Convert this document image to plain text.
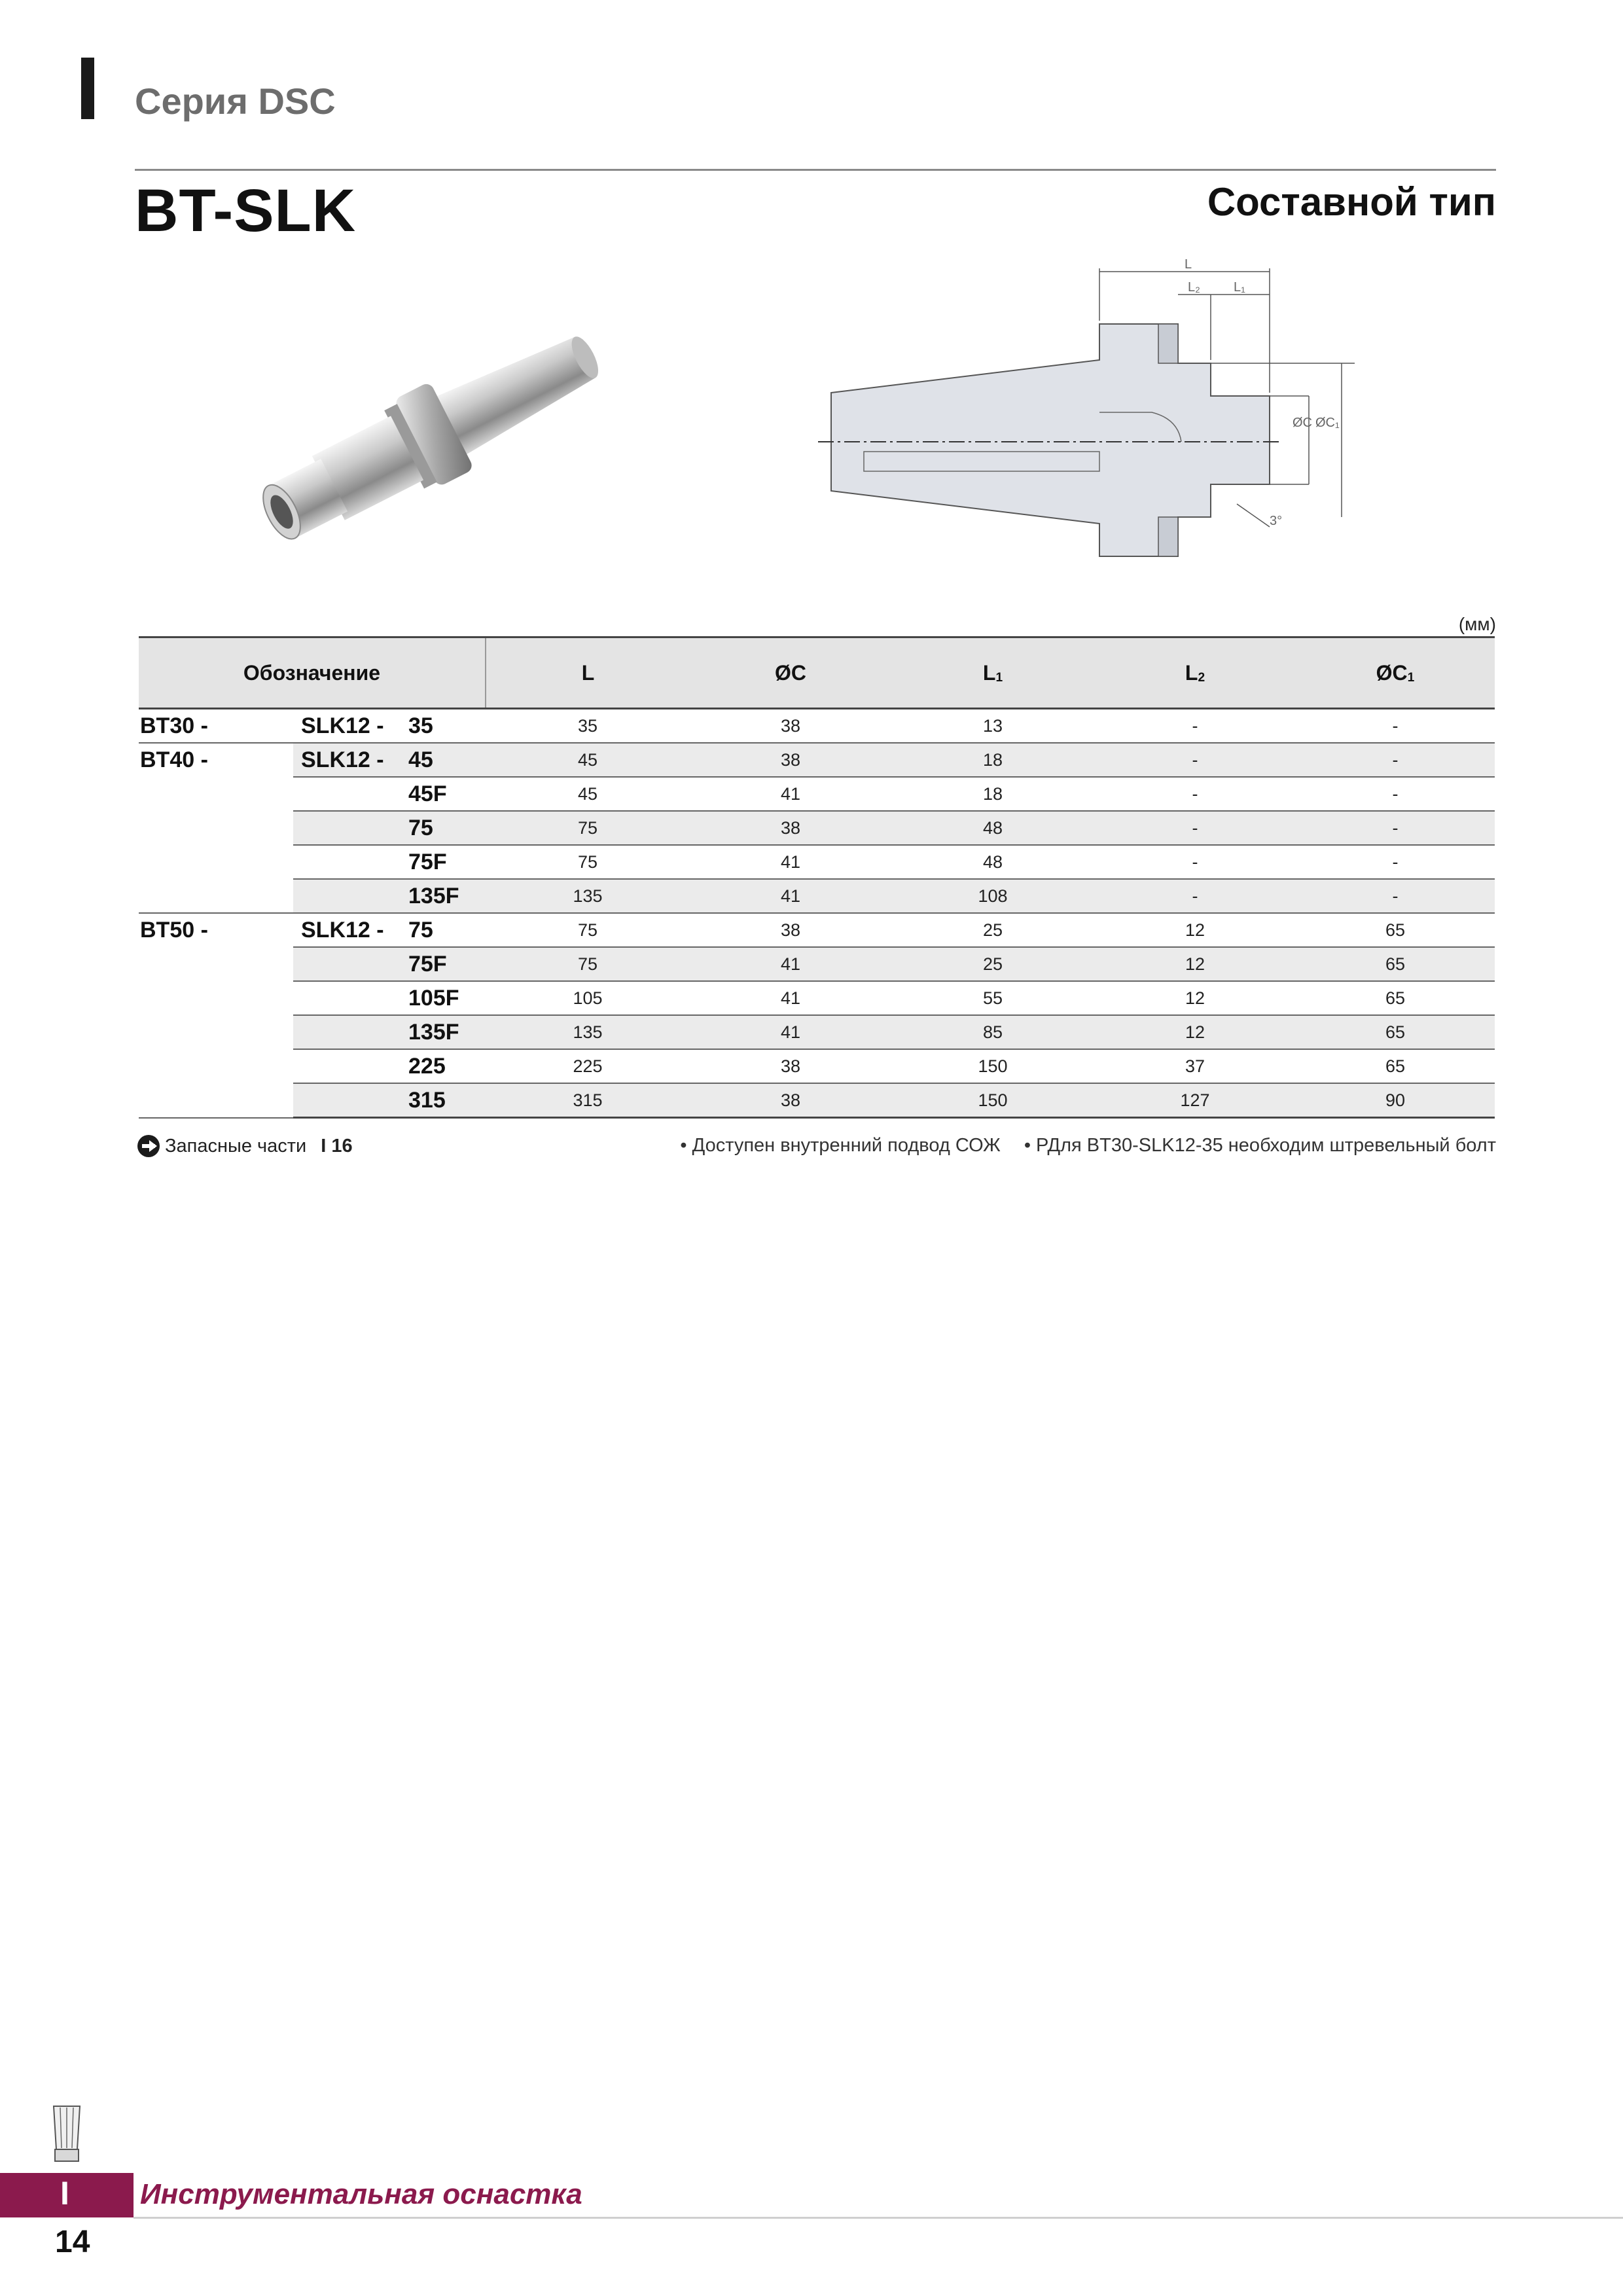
Серия DSC
BT-SLK	Составной тип
L
L₂	L₁
ØC ØC₁
3°
(мм)
Обозначение			L	ØC	$L_1$	$L_2$	$ØC_1$
BT30 -	SLK12 -	35	35	38	13	-	-
BT40 -	SLK12 -	45	45	38	18	-	-
		45F	45	41	18	-	-
		75	75	38	48	-	-
		75F	75	41	48	-	-
		135F	135	41	108	-	-
BT50 -	SLK12 -	75	75	38	25	12	65
		75F	75	41	25	12	65
		105F	105	41	55	12	65
		135F	135	41	85	12	65
		225	225	38	150	37	65
		315	315	38	150	127	90
Запасные части I 16	• Доступен внутренний подвод СОЖ • РДля BT30-SLK12-35 необходим штревельный болт
I Инструментальная оснастка
14
